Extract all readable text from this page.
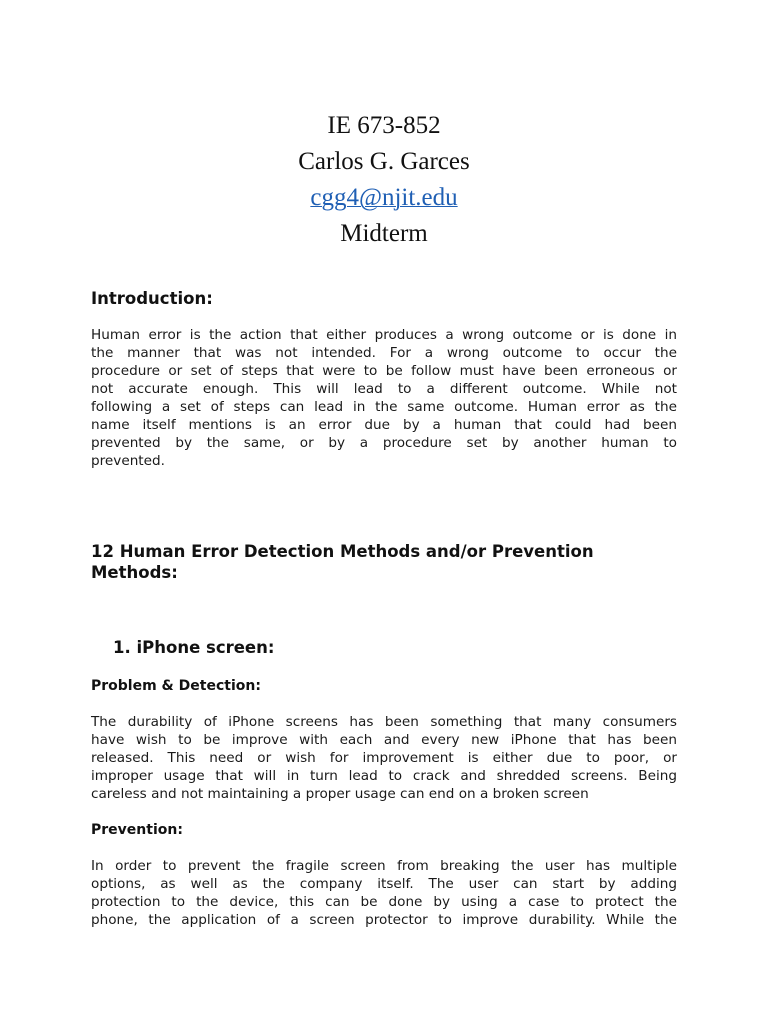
IE 673-852
Carlos G. Garces
cgg4@njit.edu
Midterm
Introduction:
Human error is the action that either produces a wrong outcome or is done in
the manner that was not intended. For a wrong outcome to occur the
procedure or set of steps that were to be follow must have been erroneous or
not accurate enough. This will lead to a different outcome. While not
following a set of steps can lead in the same outcome. Human error as the
name itself mentions is an error due by a human that could had been
prevented by the same, or by a procedure set by another human to
prevented.
12 Human Error Detection Methods and/or Prevention
Methods:
1. iPhone screen:
Problem & Detection:
The durability of iPhone screens has been something that many consumers
have wish to be improve with each and every new iPhone that has been
released. This need or wish for improvement is either due to poor, or
improper usage that will in turn lead to crack and shredded screens. Being
careless and not maintaining a proper usage can end on a broken screen
Prevention:
In order to prevent the fragile screen from breaking the user has multiple
options, as well as the company itself. The user can start by adding
protection to the device, this can be done by using a case to protect the
phone, the application of a screen protector to improve durability. While the
